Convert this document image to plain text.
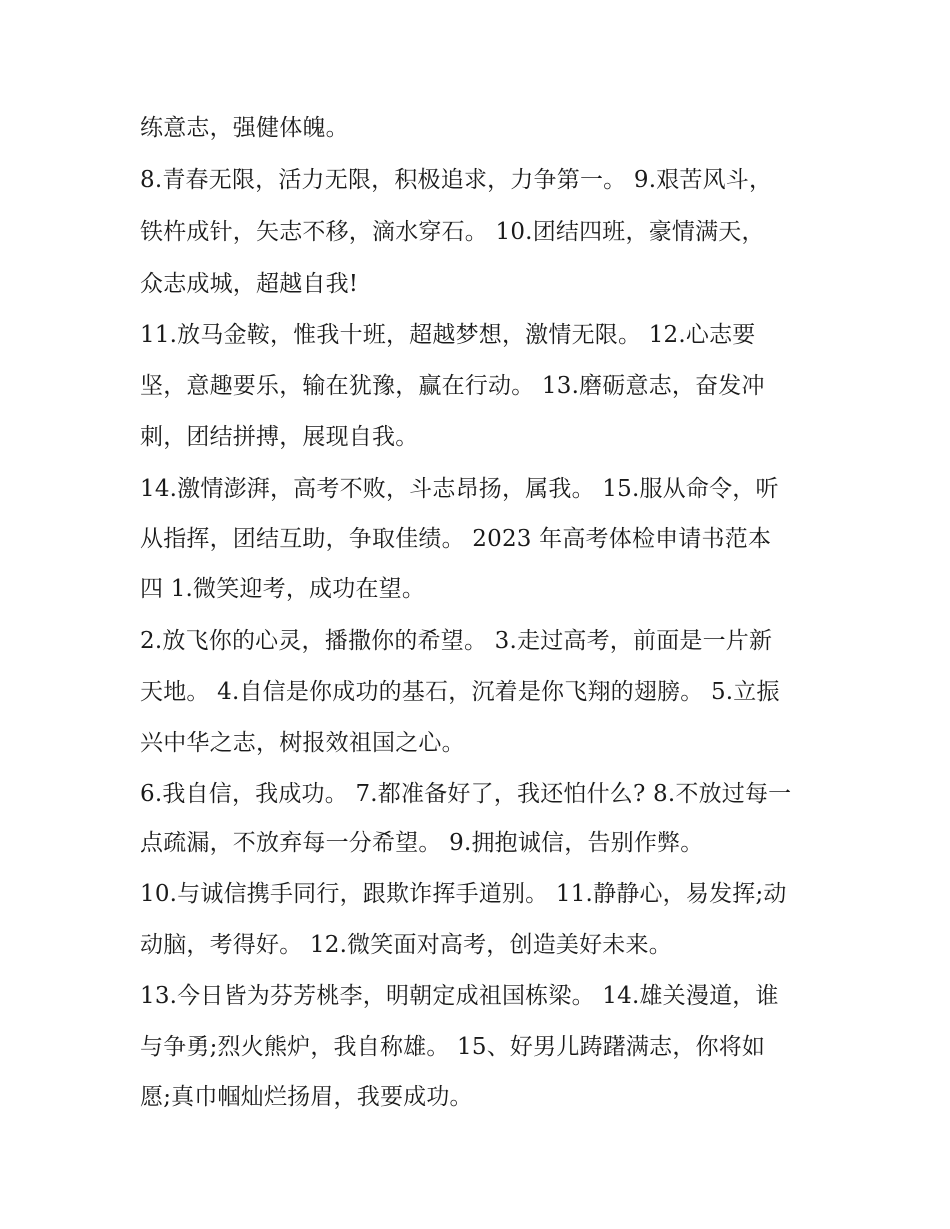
练意志，强健体魄。
8.青春无限，活力无限，积极追求，力争第一。 9.艰苦风斗，
铁杵成针，矢志不移，滴水穿石。 10.团结四班，豪情满天，
众志成城，超越自我!
11.放马金鞍，惟我十班，超越梦想，激情无限。 12.心志要
坚，意趣要乐，输在犹豫，赢在行动。 13.磨砺意志，奋发冲
刺，团结拼搏，展现自我。
14.激情澎湃，高考不败，斗志昂扬，属我。 15.服从命令，听
从指挥，团结互助，争取佳绩。 2023 年高考体检申请书范本
四 1.微笑迎考，成功在望。
2.放飞你的心灵，播撒你的希望。 3.走过高考，前面是一片新
天地。 4.自信是你成功的基石，沉着是你飞翔的翅膀。 5.立振
兴中华之志，树报效祖国之心。
6.我自信，我成功。 7.都准备好了，我还怕什么? 8.不放过每一
点疏漏，不放弃每一分希望。 9.拥抱诚信，告别作弊。
10.与诚信携手同行，跟欺诈挥手道别。 11.静静心，易发挥;动
动脑，考得好。 12.微笑面对高考，创造美好未来。
13.今日皆为芬芳桃李，明朝定成祖国栋梁。 14.雄关漫道，谁
与争勇;烈火熊炉，我自称雄。 15、好男儿踌躇满志，你将如
愿;真巾帼灿烂扬眉，我要成功。
